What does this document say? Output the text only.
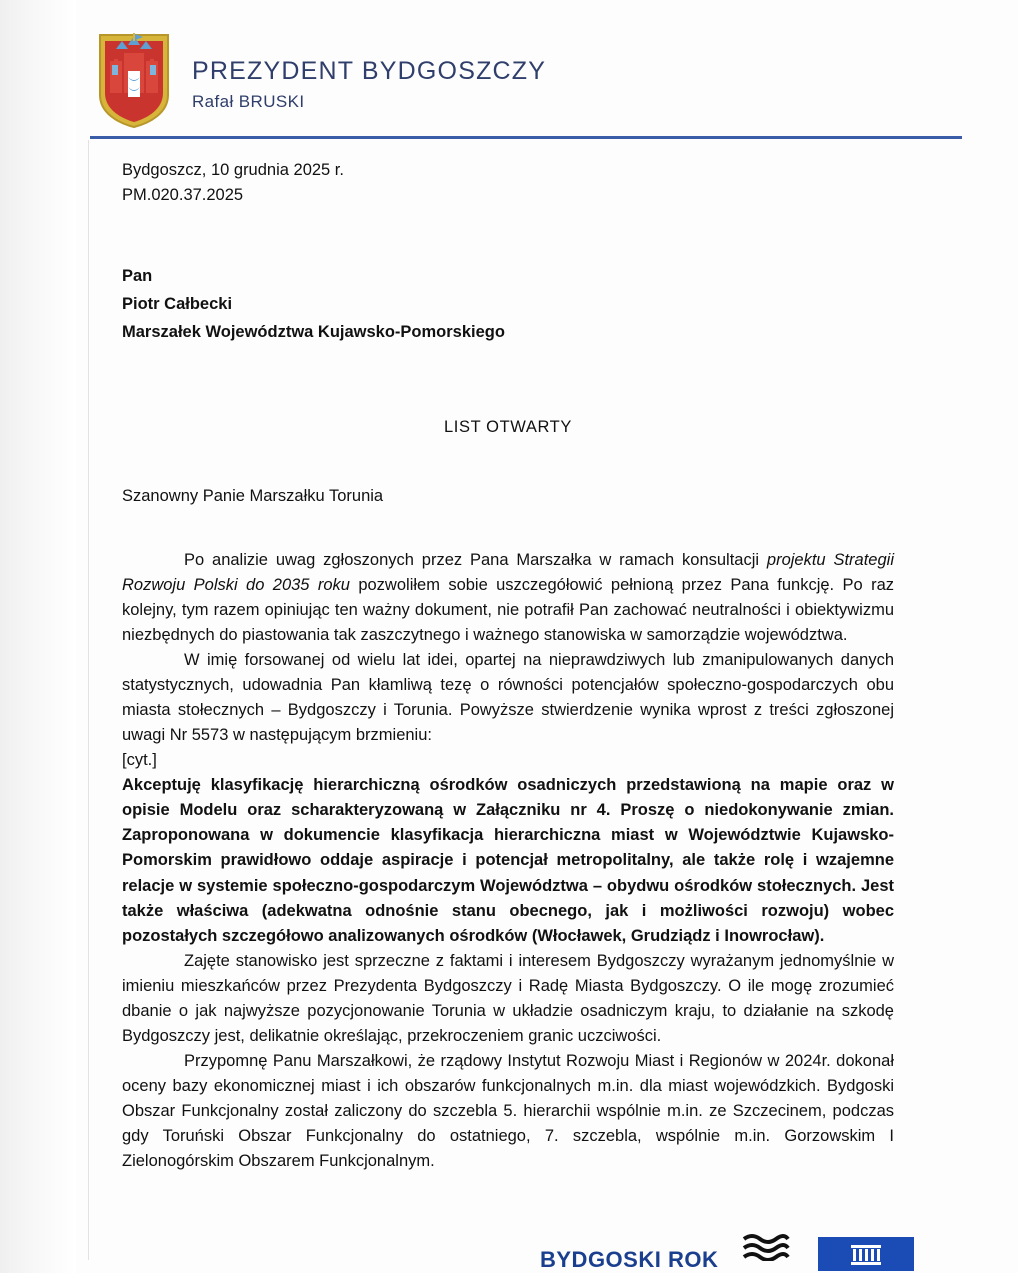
PREZYDENT BYDGOSZCZY
Rafał BRUSKI

Bydgoszcz, 10 grudnia 2025 r.

PM.020.37.2025

Pan
Piotr Całbecki
Marszałek Województwa Kujawsko-Pomorskiego
LIST OTWARTY
Szanowny Panie Marszałku Torunia

Po analizie uwag zgłoszonych przez Pana Marszałka w ramach konsultacji projektu Strategii Rozwoju Polski do 2035 roku pozwoliłem sobie uszczegółowić pełnioną przez Pana funkcję. Po raz kolejny, tym razem opiniując ten ważny dokument, nie potrafił Pan zachować neutralności i obiektywizmu niezbędnych do piastowania tak zaszczytnego i ważnego stanowiska w samorządzie województwa.

W imię forsowanej od wielu lat idei, opartej na nieprawdziwych lub zmanipulowanych danych statystycznych, udowadnia Pan kłamliwą tezę o równości potencjałów społeczno-gospodarczych obu miasta stołecznych – Bydgoszczy i Torunia. Powyższe stwierdzenie wynika wprost z treści zgłoszonej uwagi Nr 5573 w następującym brzmieniu:

[cyt.]

Akceptuję klasyfikację hierarchiczną ośrodków osadniczych przedstawioną na mapie oraz w opisie Modelu oraz scharakteryzowaną w Załączniku nr 4. Proszę o niedokonywanie zmian. Zaproponowana w dokumencie klasyfikacja hierarchiczna miast w Województwie Kujawsko-Pomorskim prawidłowo oddaje aspiracje i potencjał metropolitalny, ale także rolę i wzajemne relacje w systemie społeczno-gospodarczym Województwa – obydwu ośrodków stołecznych. Jest także właściwa (adekwatna odnośnie stanu obecnego, jak i możliwości rozwoju) wobec pozostałych szczegółowo analizowanych ośrodków (Włocławek, Grudziądz i Inowrocław).

Zajęte stanowisko jest sprzeczne z faktami i interesem Bydgoszczy wyrażanym jednomyślnie w imieniu mieszkańców przez Prezydenta Bydgoszczy i Radę Miasta Bydgoszczy. O ile mogę zrozumieć dbanie o jak najwyższe pozycjonowanie Torunia w układzie osadniczym kraju, to działanie na szkodę Bydgoszczy jest, delikatnie określając, przekroczeniem granic uczciwości.

Przypomnę Panu Marszałkowi, że rządowy Instytut Rozwoju Miast i Regionów w 2024r. dokonał oceny bazy ekonomicznej miast i ich obszarów funkcjonalnych m.in. dla miast wojewódzkich. Bydgoski Obszar Funkcjonalny został zaliczony do szczebla 5. hierarchii wspólnie m.in. ze Szczecinem, podczas gdy Toruński Obszar Funkcjonalny do ostatniego, 7. szczebla, wspólnie m.in. Gorzowskim I Zielonogórskim Obszarem Funkcjonalnym.

BYDGOSKI ROK
